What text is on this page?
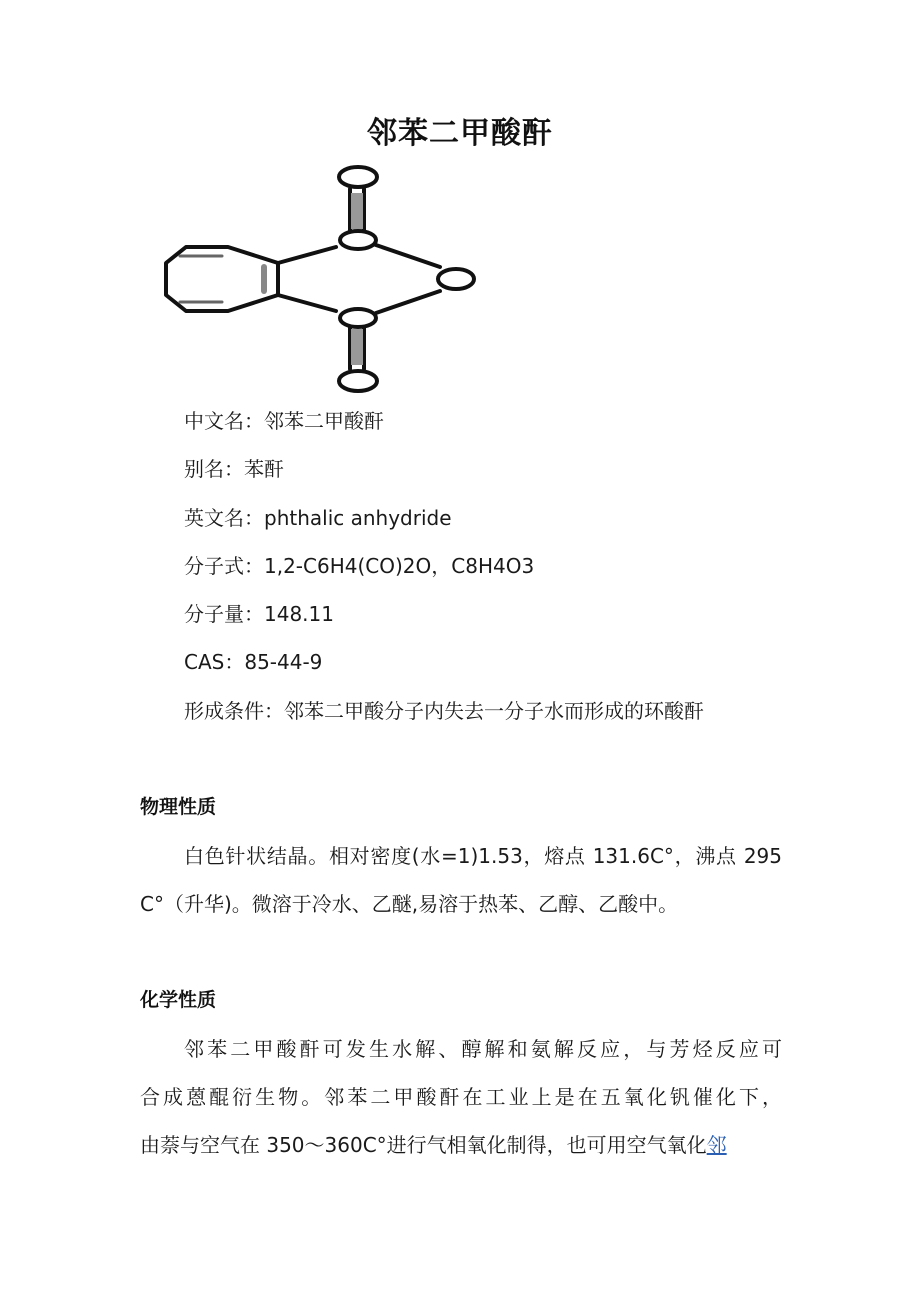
邻苯二甲酸酐
中文名：邻苯二甲酸酐
别名：苯酐
英文名：phthalic anhydride
分子式：1,2-C6H4(CO)2O，C8H4O3
分子量：148.11
CAS：85-44-9
形成条件：邻苯二甲酸分子内失去一分子水而形成的环酸酐
物理性质
白色针状结晶。相对密度(水=1)1.53，熔点 131.6C°，沸点 295
C°（升华)。微溶于冷水、乙醚,易溶于热苯、乙醇、乙酸中。
化学性质
邻苯二甲酸酐可发生水解、醇解和氨解反应，与芳烃反应可
合成蒽醌衍生物。邻苯二甲酸酐在工业上是在五氧化钒催化下，
由萘与空气在 350～360C°进行气相氧化制得，也可用空气氧化邻
